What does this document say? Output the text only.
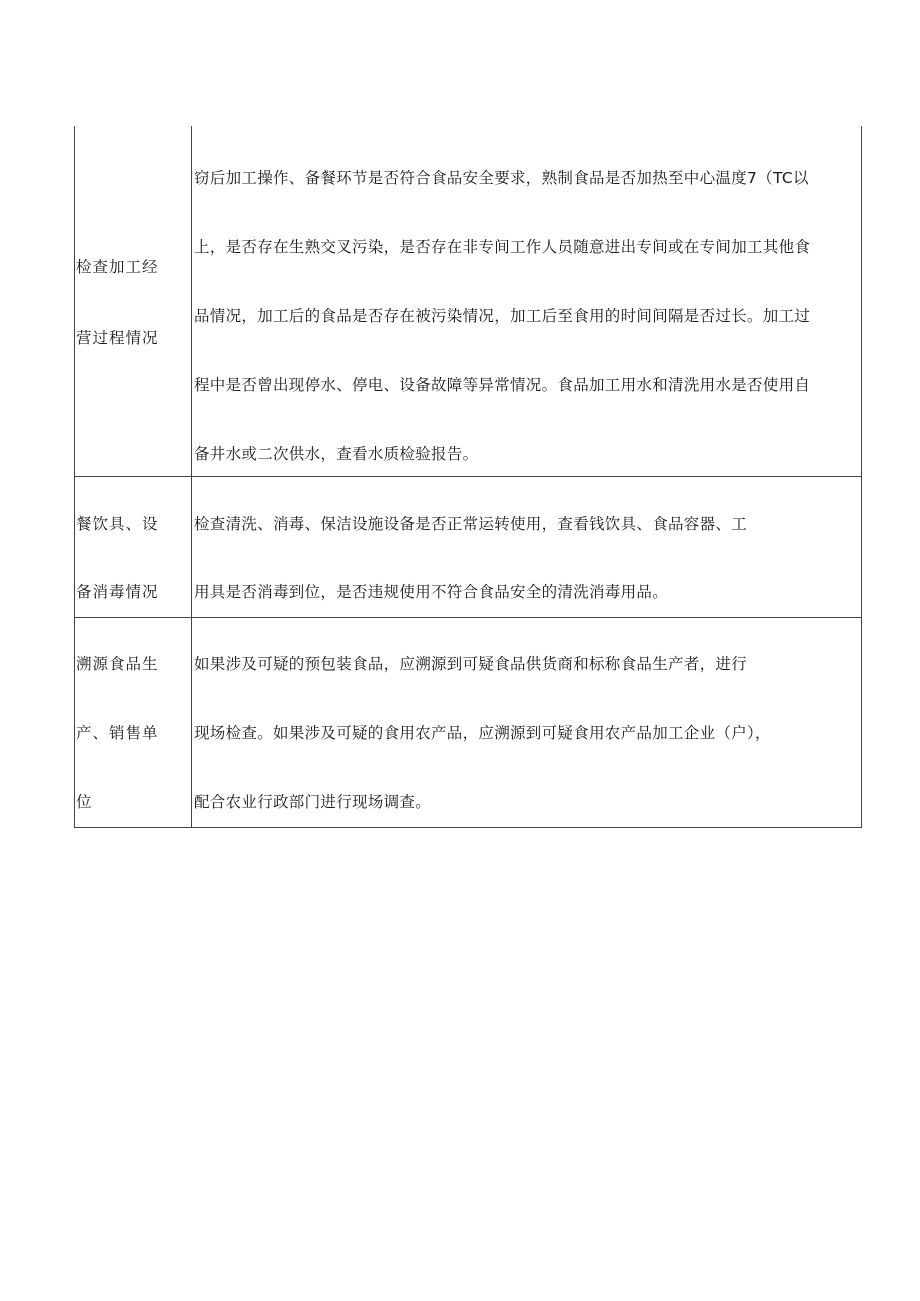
检查加工经
营过程情况	窃后加工操作、备餐环节是否符合食品安全要求，熟制食品是否加热至中心温度7（TC以
上，是否存在生熟交叉污染，是否存在非专间工作人员随意进出专间或在专间加工其他食
品情况，加工后的食品是否存在被污染情况，加工后至食用的时间间隔是否过长。加工过
程中是否曾出现停水、停电、设备故障等异常情况。食品加工用水和清洗用水是否使用自
备井水或二次供水，查看水质检验报告。

餐饮具、设
备消毒情况	检查清洗、消毒、保洁设施设备是否正常运转使用，查看钱饮具、食品容器、工
用具是否消毒到位，是否违规使用不符合食品安全的清洗消毒用品。

溯源食品生
产、销售单
位	如果涉及可疑的预包装食品，应溯源到可疑食品供货商和标称食品生产者，进行
现场检查。如果涉及可疑的食用农产品，应溯源到可疑食用农产品加工企业（户），
配合农业行政部门进行现场调查。
